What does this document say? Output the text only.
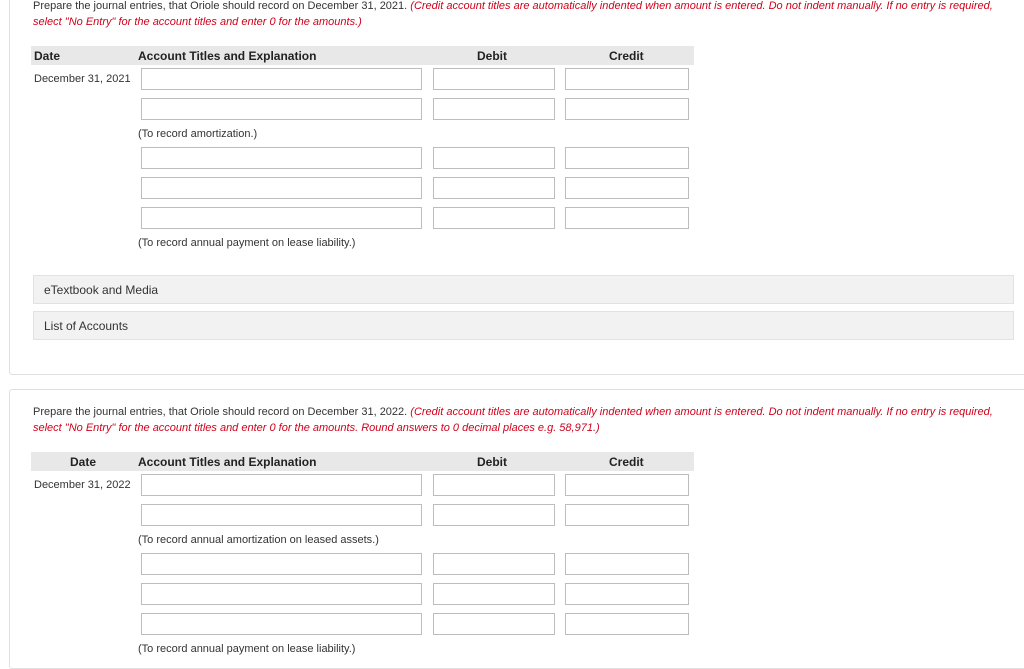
Prepare the journal entries, that Oriole should record on December 31, 2021. (Credit account titles are automatically indented when amount is entered. Do not indent manually. If no entry is required, select "No Entry" for the account titles and enter 0 for the amounts.)
Date	Account Titles and Explanation	Debit	Credit
December 31, 2021
(To record amortization.)
(To record annual payment on lease liability.)
eTextbook and Media
List of Accounts
Prepare the journal entries, that Oriole should record on December 31, 2022. (Credit account titles are automatically indented when amount is entered. Do not indent manually. If no entry is required, select "No Entry" for the account titles and enter 0 for the amounts. Round answers to 0 decimal places e.g. 58,971.)
Date	Account Titles and Explanation	Debit	Credit
December 31, 2022
(To record annual amortization on leased assets.)
(To record annual payment on lease liability.)
